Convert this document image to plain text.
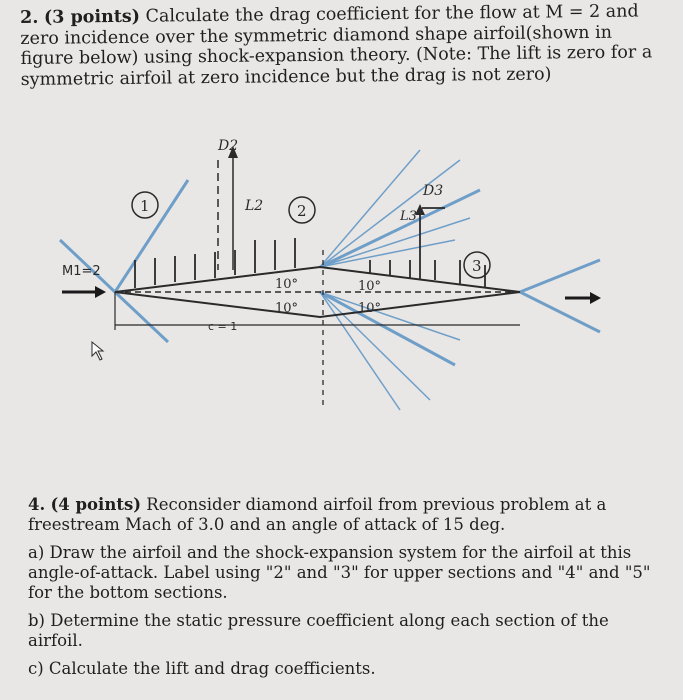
2. (3 points) Calculate the drag coefficient for the flow at M = 2 and zero incidence over the symmetric diamond shape airfoil(shown in figure below) using shock-expansion theory. (Note: The lift is zero for a symmetric airfoil at zero incidence but the drag is not zero)
D2
L2
D3
L3
1	2
3
M1=2
10°
10°
10°
10°
c = 1

4. (4 points) Reconsider diamond airfoil from previous problem at a freestream Mach of 3.0 and an angle of attack of 15 deg.

a) Draw the airfoil and the shock-expansion system for the airfoil at this angle-of-attack. Label using "2" and "3" for upper sections and "4" and "5" for the bottom sections.

b) Determine the static pressure coefficient along each section of the airfoil.

c) Calculate the lift and drag coefficients.
